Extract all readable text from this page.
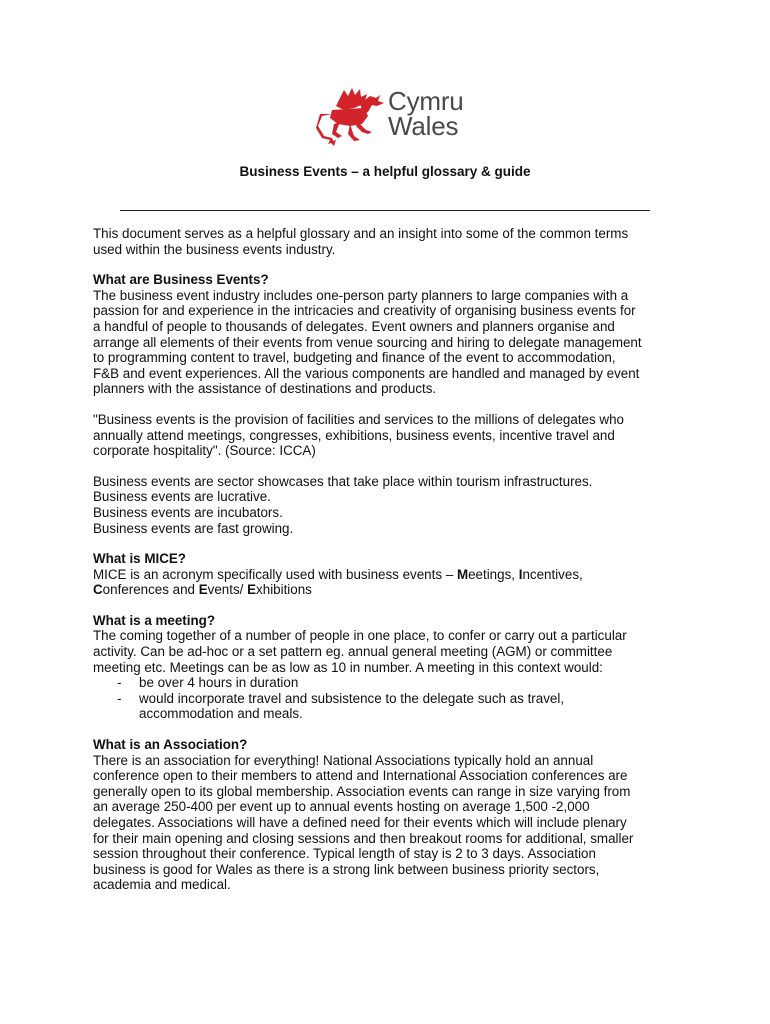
Cymru
Wales
Business Events – a helpful glossary & guide

This document serves as a helpful glossary and an insight into some of the common terms
used within the business events industry.

What are Business Events?

The business event industry includes one-person party planners to large companies with a
passion for and experience in the intricacies and creativity of organising business events for
a handful of people to thousands of delegates. Event owners and planners organise and
arrange all elements of their events from venue sourcing and hiring to delegate management
to programming content to travel, budgeting and finance of the event to accommodation,
F&B and event experiences. All the various components are handled and managed by event
planners with the assistance of destinations and products.

"Business events is the provision of facilities and services to the millions of delegates who
annually attend meetings, congresses, exhibitions, business events, incentive travel and
corporate hospitality". (Source: ICCA)

Business events are sector showcases that take place within tourism infrastructures.
Business events are lucrative.
Business events are incubators.
Business events are fast growing.

What is MICE?

MICE is an acronym specifically used with business events – Meetings, Incentives,
Conferences and Events/ Exhibitions

What is a meeting?

The coming together of a number of people in one place, to confer or carry out a particular
activity. Can be ad-hoc or a set pattern eg. annual general meeting (AGM) or committee
meeting etc. Meetings can be as low as 10 in number. A meeting in this context would:

- be over 4 hours in duration
- would incorporate travel and subsistence to the delegate such as travel,
accommodation and meals.
What is an Association?

There is an association for everything! National Associations typically hold an annual
conference open to their members to attend and International Association conferences are
generally open to its global membership. Association events can range in size varying from
an average 250-400 per event up to annual events hosting on average 1,500 -2,000
delegates. Associations will have a defined need for their events which will include plenary
for their main opening and closing sessions and then breakout rooms for additional, smaller
session throughout their conference. Typical length of stay is 2 to 3 days. Association
business is good for Wales as there is a strong link between business priority sectors,
academia and medical.
